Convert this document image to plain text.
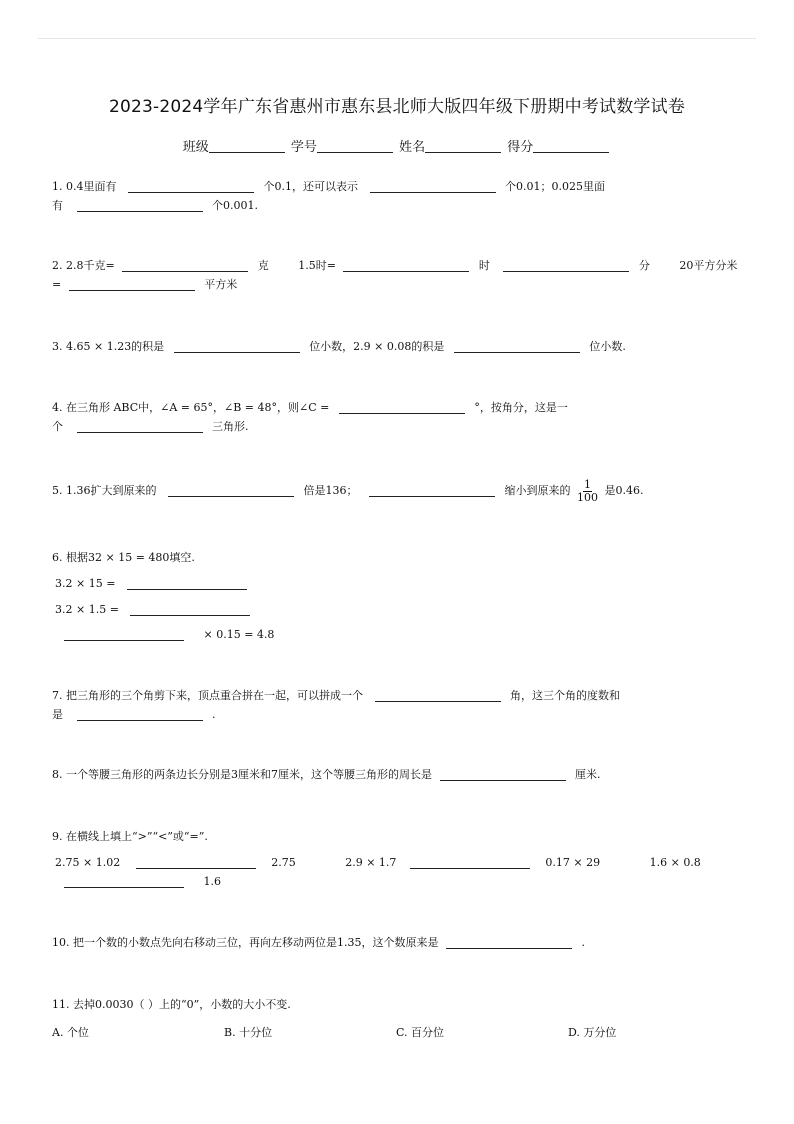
2023-2024学年广东省惠州市惠东县北师大版四年级下册期中考试数学试卷
班级	学号	姓名	得分
1. 0.4里面有	个0.1，还可以表示	个0.01；0.025里面
有	个0.001.
2. 2.8千克=	克	1.5时=	时	分	20平方分米
=	平方米
3. 4.65 × 1.23的积是	位小数，2.9 × 0.08的积是	位小数.
4. 在三角形 ABC中，∠A = 65°，∠B = 48°，则∠C =	°，按角分，这是一
个	三角形.
5. 1.36扩大到原来的	倍是136；	缩小到原来的 $\frac{1}{100}$ 是0.46.
6. 根据32 × 15 = 480填空.
3.2 × 15 =
3.2 × 1.5 =
× 0.15 = 4.8
7. 把三角形的三个角剪下来，顶点重合拼在一起，可以拼成一个	角，这三个角的度数和
是	.
8. 一个等腰三角形的两条边长分别是3厘米和7厘米，这个等腰三角形的周长是	厘米.
9. 在横线上填上“>”“<”或“=”.
2.75 × 1.02	2.75	2.9 × 1.7	0.17 × 29	1.6 × 0.8
1.6
10. 把一个数的小数点先向右移动三位，再向左移动两位是1.35，这个数原来是	.
11. 去掉0.0030（ ）上的“0”，小数的大小不变.
A. 个位	B. 十分位	C. 百分位	D. 万分位
